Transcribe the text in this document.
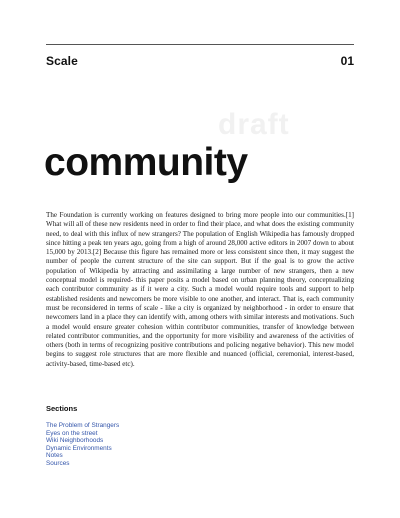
Scale	01
draft
community

The Foundation is currently working on features designed to bring more people into our communities.[1] What will all of these new residents need in order to find their place, and what does the existing community need, to deal with this influx of new strangers? The population of English Wikipedia has famously dropped since hitting a peak ten years ago, going from a high of around 28,000 active editors in 2007 down to about 15,000 by 2013.[2] Because this figure has remained more or less consistent since then, it may suggest the number of people the current structure of the site can support. But if the goal is to grow the active population of Wikipedia by attracting and assimilating a large number of new strangers, then a new conceptual model is required- this paper posits a model based on urban planning theory, conceptualizing each contributor community as if it were a city. Such a model would require tools and support to help established residents and newcomers be more visible to one another, and interact. That is, each community must be reconsidered in terms of scale - like a city is organized by neighborhood - in order to ensure that newcomers land in a place they can identify with, among others with similar interests and motivations. Such a model would ensure greater cohesion within contributor communities, transfer of knowledge between related contributor communities, and the opportunity for more visibility and awareness of the activities of others (both in terms of recognizing positive contributions and policing negative behavior). This new model begins to suggest role structures that are more flexible and nuanced (official, ceremonial, interest-based, activity-based, time-based etc).

Sections
The Problem of Strangers
Eyes on the street
Wiki Neighborhoods
Dynamic Environments
Notes
Sources
